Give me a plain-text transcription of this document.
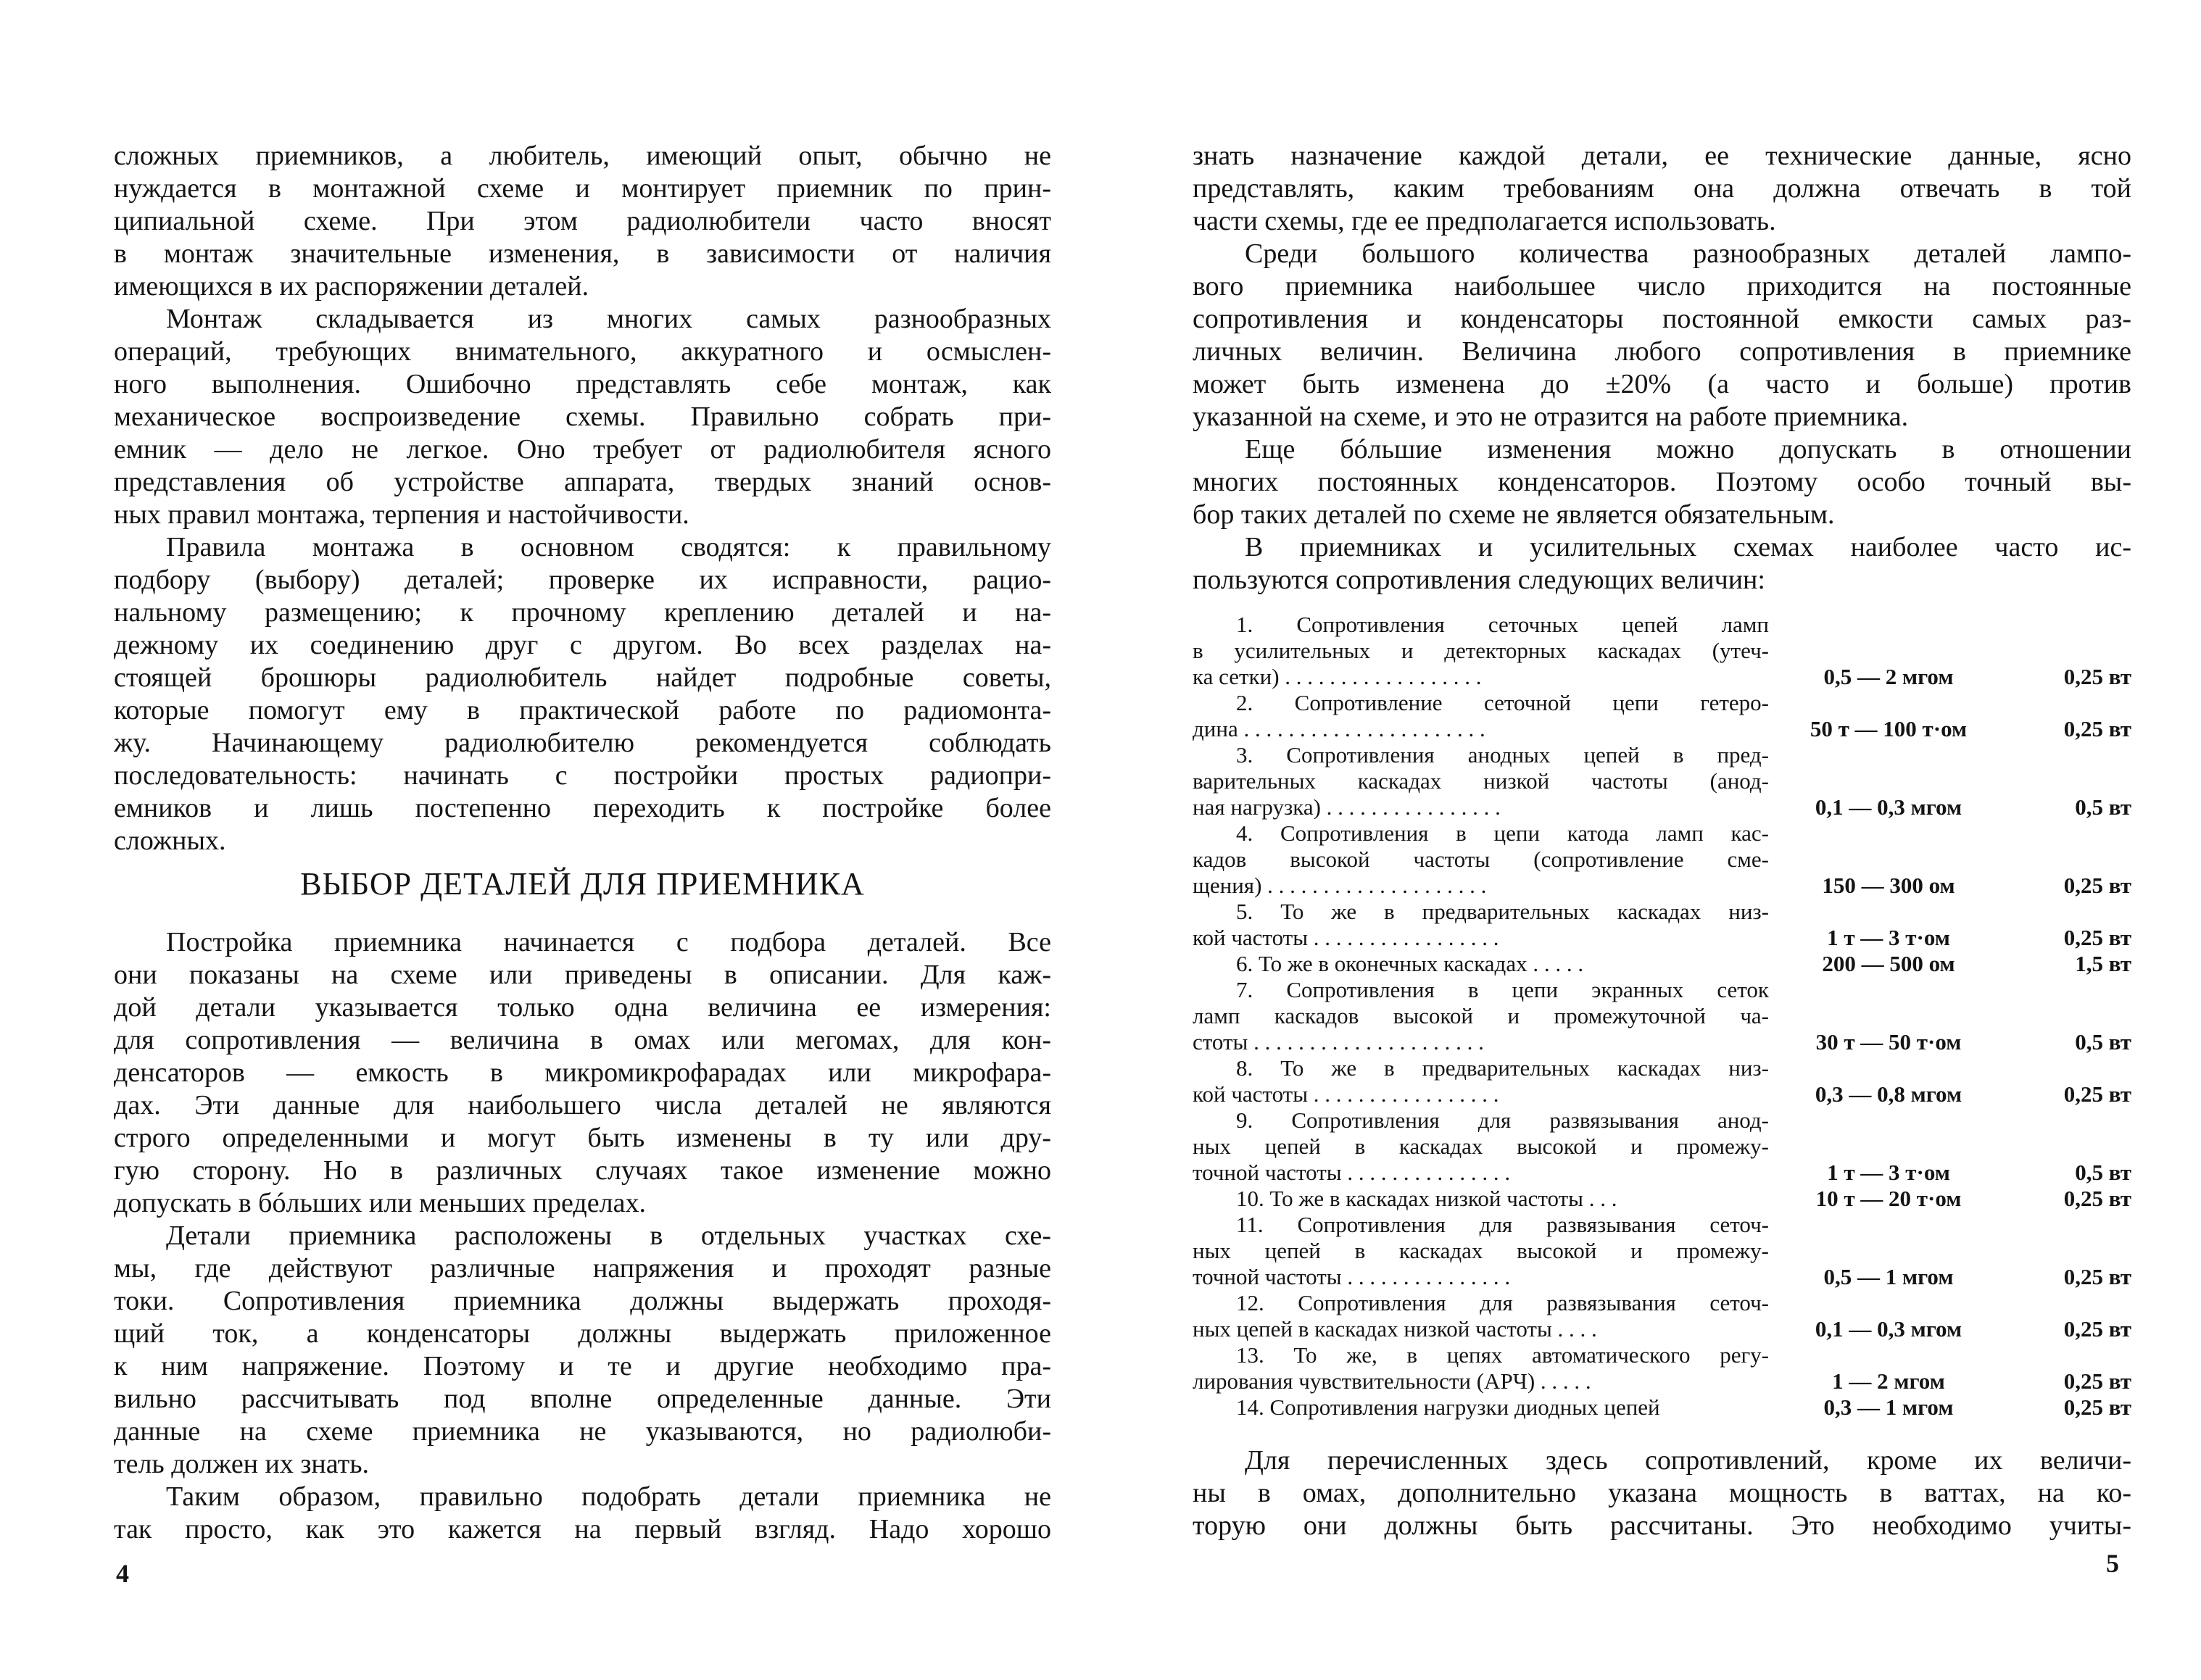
сложных приемников, а любитель, имеющий опыт, обычно не
нуждается в монтажной схеме и монтирует приемник по прин-
ципиальной схеме. При этом радиолюбители часто вносят
в монтаж значительные изменения, в зависимости от наличия
имеющихся в их распоряжении деталей.
Монтаж складывается из многих самых разнообразных
операций, требующих внимательного, аккуратного и осмыслен-
ного выполнения. Ошибочно представлять себе монтаж, как
механическое воспроизведение схемы. Правильно собрать при-
емник — дело не легкое. Оно требует от радиолюбителя ясного
представления об устройстве аппарата, твердых знаний основ-
ных правил монтажа, терпения и настойчивости.
Правила монтажа в основном сводятся: к правильному
подбору (выбору) деталей; проверке их исправности, рацио-
нальному размещению; к прочному креплению деталей и на-
дежному их соединению друг с другом. Во всех разделах на-
стоящей брошюры радиолюбитель найдет подробные советы,
которые помогут ему в практической работе по радиомонта-
жу. Начинающему радиолюбителю рекомендуется соблюдать
последовательность: начинать с постройки простых радиопри-
емников и лишь постепенно переходить к постройке более
сложных.
ВЫБОР ДЕТАЛЕЙ ДЛЯ ПРИЕМНИКА
Постройка приемника начинается с подбора деталей. Все
они показаны на схеме или приведены в описании. Для каж-
дой детали указывается только одна величина ее измерения:
для сопротивления — величина в омах или мегомах, для кон-
денсаторов — емкость в микромикрофарадах или микрофара-
дах. Эти данные для наибольшего числа деталей не являются
строго определенными и могут быть изменены в ту или дру-
гую сторону. Но в различных случаях такое изменение можно
допускать в бóльших или меньших пределах.
Детали приемника расположены в отдельных участках схе-
мы, где действуют различные напряжения и проходят разные
токи. Сопротивления приемника должны выдержать проходя-
щий ток, а конденсаторы должны выдержать приложенное
к ним напряжение. Поэтому и те и другие необходимо пра-
вильно рассчитывать под вполне определенные данные. Эти
данные на схеме приемника не указываются, но радиолюби-
тель должен их знать.
Таким образом, правильно подобрать детали приемника не
так просто, как это кажется на первый взгляд. Надо хорошо
4
знать назначение каждой детали, ее технические данные, ясно
представлять, каким требованиям она должна отвечать в той
части схемы, где ее предполагается использовать.
Среди большого количества разнообразных деталей лампо-
вого приемника наибольшее число приходится на постоянные
сопротивления и конденсаторы постоянной емкости самых раз-
личных величин. Величина любого сопротивления в приемнике
может быть изменена до ±20% (а часто и больше) против
указанной на схеме, и это не отразится на работе приемника.
Еще бóльшие изменения можно допускать в отношении
многих постоянных конденсаторов. Поэтому особо точный вы-
бор таких деталей по схеме не является обязательным.
В приемниках и усилительных схемах наиболее часто ис-
пользуются сопротивления следующих величин:
1. Сопротивления сеточных цепей ламп
в усилительных и детекторных каскадах (утеч-
ка сетки) . . . . . . . . . . . . . . . . . .	0,5 — 2 мгом	0,25 вт
2. Сопротивление сеточной цепи гетеро-
дина . . . . . . . . . . . . . . . . . . . . . .	50 т — 100 т·ом	0,25 вт
3. Сопротивления анодных цепей в пред-
варительных каскадах низкой частоты (анод-
ная нагрузка) . . . . . . . . . . . . . . . .	0,1 — 0,3 мгом	0,5 вт
4. Сопротивления в цепи катода ламп кас-
кадов высокой частоты (сопротивление сме-
щения) . . . . . . . . . . . . . . . . . . . .	150 — 300 ом	0,25 вт
5. То же в предварительных каскадах низ-
кой частоты . . . . . . . . . . . . . . . . .	1 т — 3 т·ом	0,25 вт
6. То же в оконечных каскадах . . . . .	200 — 500 ом	1,5 вт
7. Сопротивления в цепи экранных сеток
ламп каскадов высокой и промежуточной ча-
стоты . . . . . . . . . . . . . . . . . . . . .	30 т — 50 т·ом	0,5 вт
8. То же в предварительных каскадах низ-
кой частоты . . . . . . . . . . . . . . . . .	0,3 — 0,8 мгом	0,25 вт
9. Сопротивления для развязывания анод-
ных цепей в каскадах высокой и промежу-
точной частоты . . . . . . . . . . . . . . .	1 т — 3 т·ом	0,5 вт
10. То же в каскадах низкой частоты . . .	10 т — 20 т·ом	0,25 вт
11. Сопротивления для развязывания сеточ-
ных цепей в каскадах высокой и промежу-
точной частоты . . . . . . . . . . . . . . .	0,5 — 1 мгом	0,25 вт
12. Сопротивления для развязывания сеточ-
ных цепей в каскадах низкой частоты . . . .	0,1 — 0,3 мгом	0,25 вт
13. То же, в цепях автоматического регу-
лирования чувствительности (АРЧ) . . . . .	1 — 2 мгом	0,25 вт
14. Сопротивления нагрузки диодных цепей	0,3 — 1 мгом	0,25 вт
Для перечисленных здесь сопротивлений, кроме их величи-
ны в омах, дополнительно указана мощность в ваттах, на ко-
торую они должны быть рассчитаны. Это необходимо учиты-
5
